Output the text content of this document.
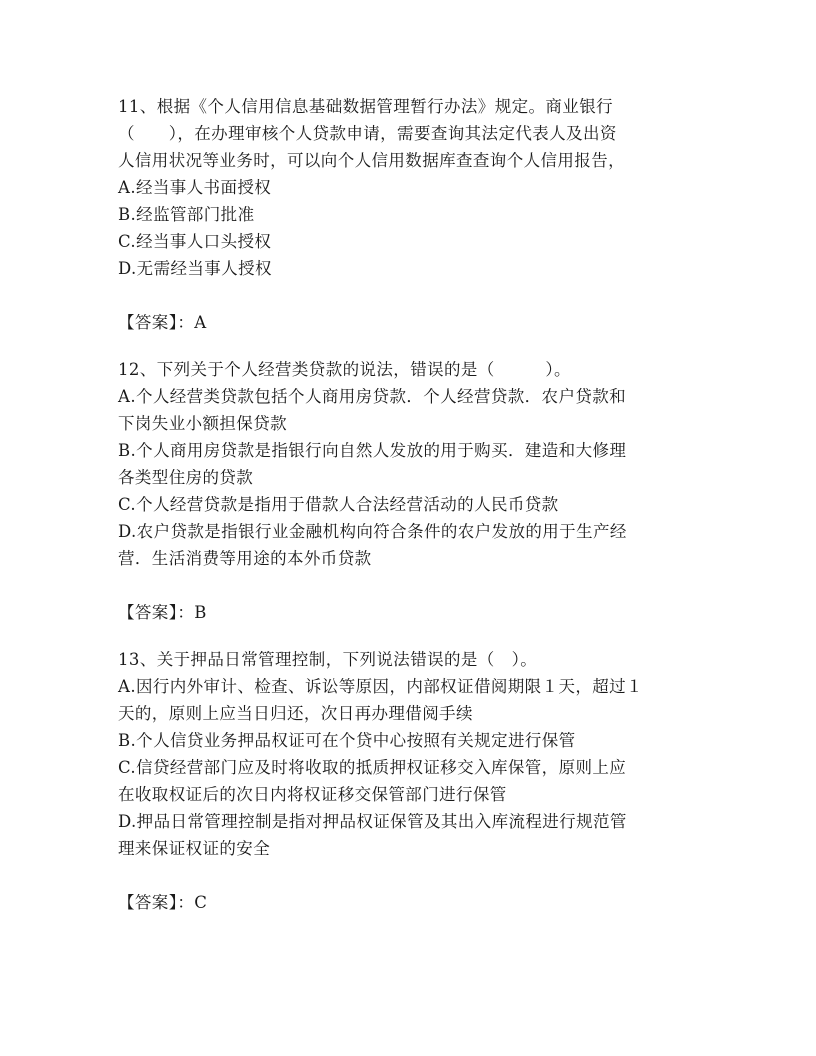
11、根据《个人信用信息基础数据管理暂行办法》规定。商业银行
（　　），在办理审核个人贷款申请，需要查询其法定代表人及出资
人信用状况等业务时，可以向个人信用数据库查查询个人信用报告，
A.经当事人书面授权
B.经监管部门批准
C.经当事人口头授权
D.无需经当事人授权
【答案】：A
12、下列关于个人经营类贷款的说法，错误的是（　　　）。
A.个人经营类贷款包括个人商用房贷款．个人经营贷款．农户贷款和
下岗失业小额担保贷款
B.个人商用房贷款是指银行向自然人发放的用于购买．建造和大修理
各类型住房的贷款
C.个人经营贷款是指用于借款人合法经营活动的人民币贷款
D.农户贷款是指银行业金融机构向符合条件的农户发放的用于生产经
营．生活消费等用途的本外币贷款
【答案】：B
13、关于押品日常管理控制，下列说法错误的是（　）。
A.因行内外审计、检查、诉讼等原因，内部权证借阅期限１天，超过１
天的，原则上应当日归还，次日再办理借阅手续
B.个人信贷业务押品权证可在个贷中心按照有关规定进行保管
C.信贷经营部门应及时将收取的抵质押权证移交入库保管，原则上应
在收取权证后的次日内将权证移交保管部门进行保管
D.押品日常管理控制是指对押品权证保管及其出入库流程进行规范管
理来保证权证的安全
【答案】：C
